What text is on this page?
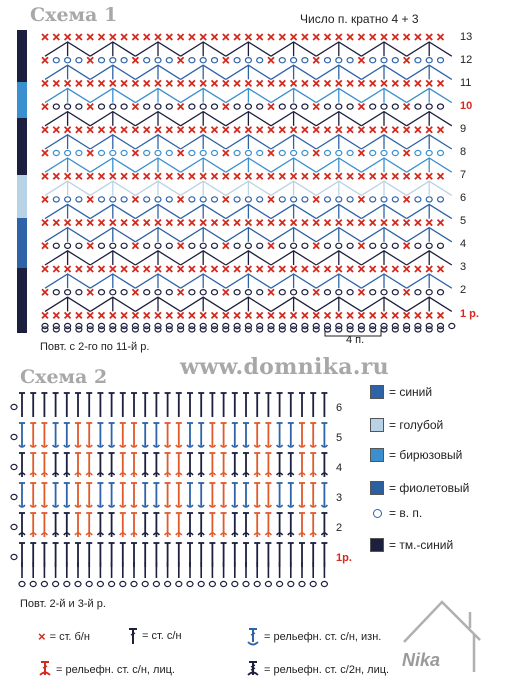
Схема 1	Число п. кратно 4 + 3
13
12
11
10
9
8
7
6
5
4
3
2
1 р.
4 п.
Повт. с 2-го по 11-й р.
www.domnika.ru
Схема 2
6
5
4
3
2
1р.
Повт. 2-й и 3-й р.
= синий
= голубой
= бирюзовый
= фиолетовый
= в. п.
= тм.-синий
× = ст. б/н	= ст. с/н	= рельефн. ст. с/н, изн.
= рельефн. ст. с/н, лиц.	= рельефн. ст. с/2н, лиц. Nika
